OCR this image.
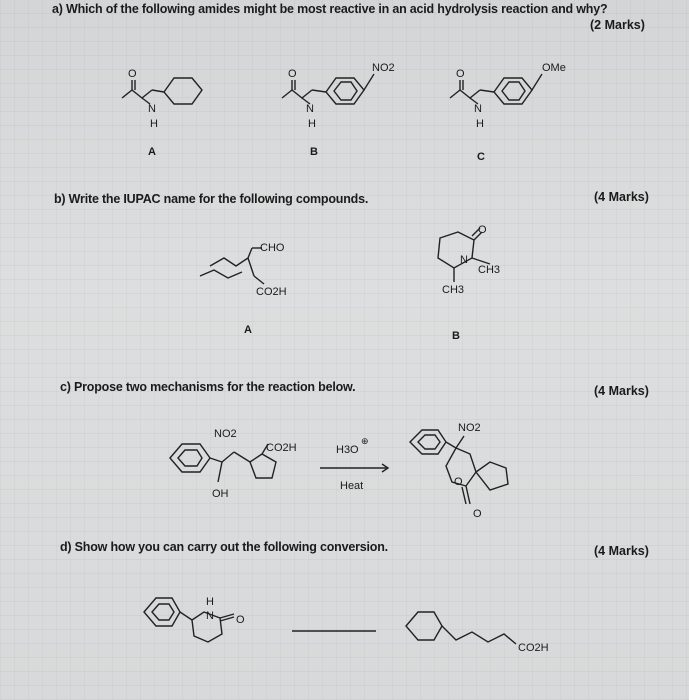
a) Which of the following amides might be most reactive in an acid hydrolysis reaction and why?
(2 Marks)
O
N
H
A
O
N
H
NO2
B
O
N
H
OMe
C
b) Write the IUPAC name for the following compounds.	(4 Marks)
CHO
CO2H
A
O
N
CH3
CH3
B
c) Propose two mechanisms for the reaction below.	(4 Marks)
NO2
CO2H
OH
H3O
⊕
Heat
NO2
O
O
d) Show how you can carry out the following conversion.	(4 Marks)
H
N O
CO2H
